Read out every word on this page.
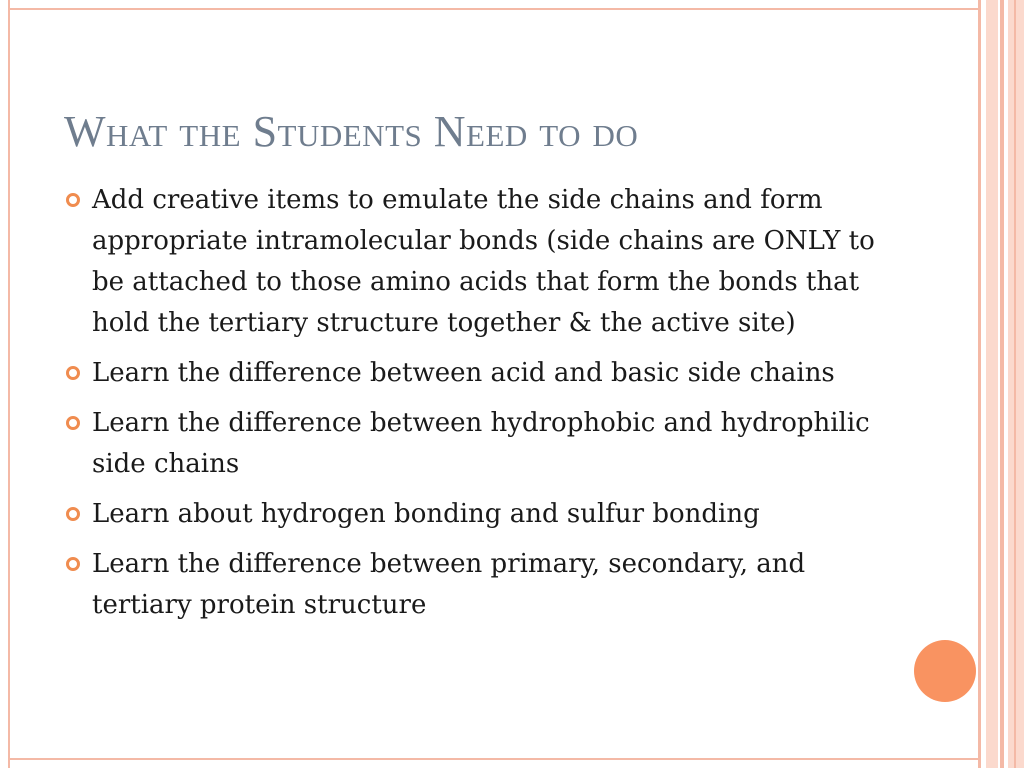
What the Students Need to do
Add creative items to emulate the side chains and form appropriate intramolecular bonds (side chains are ONLY to be attached to those amino acids that form the bonds that hold the tertiary structure together & the active site)
Learn the difference between acid and basic side chains
Learn the difference between hydrophobic and hydrophilic side chains
Learn about hydrogen bonding and sulfur bonding
Learn the difference between primary, secondary, and tertiary protein structure
